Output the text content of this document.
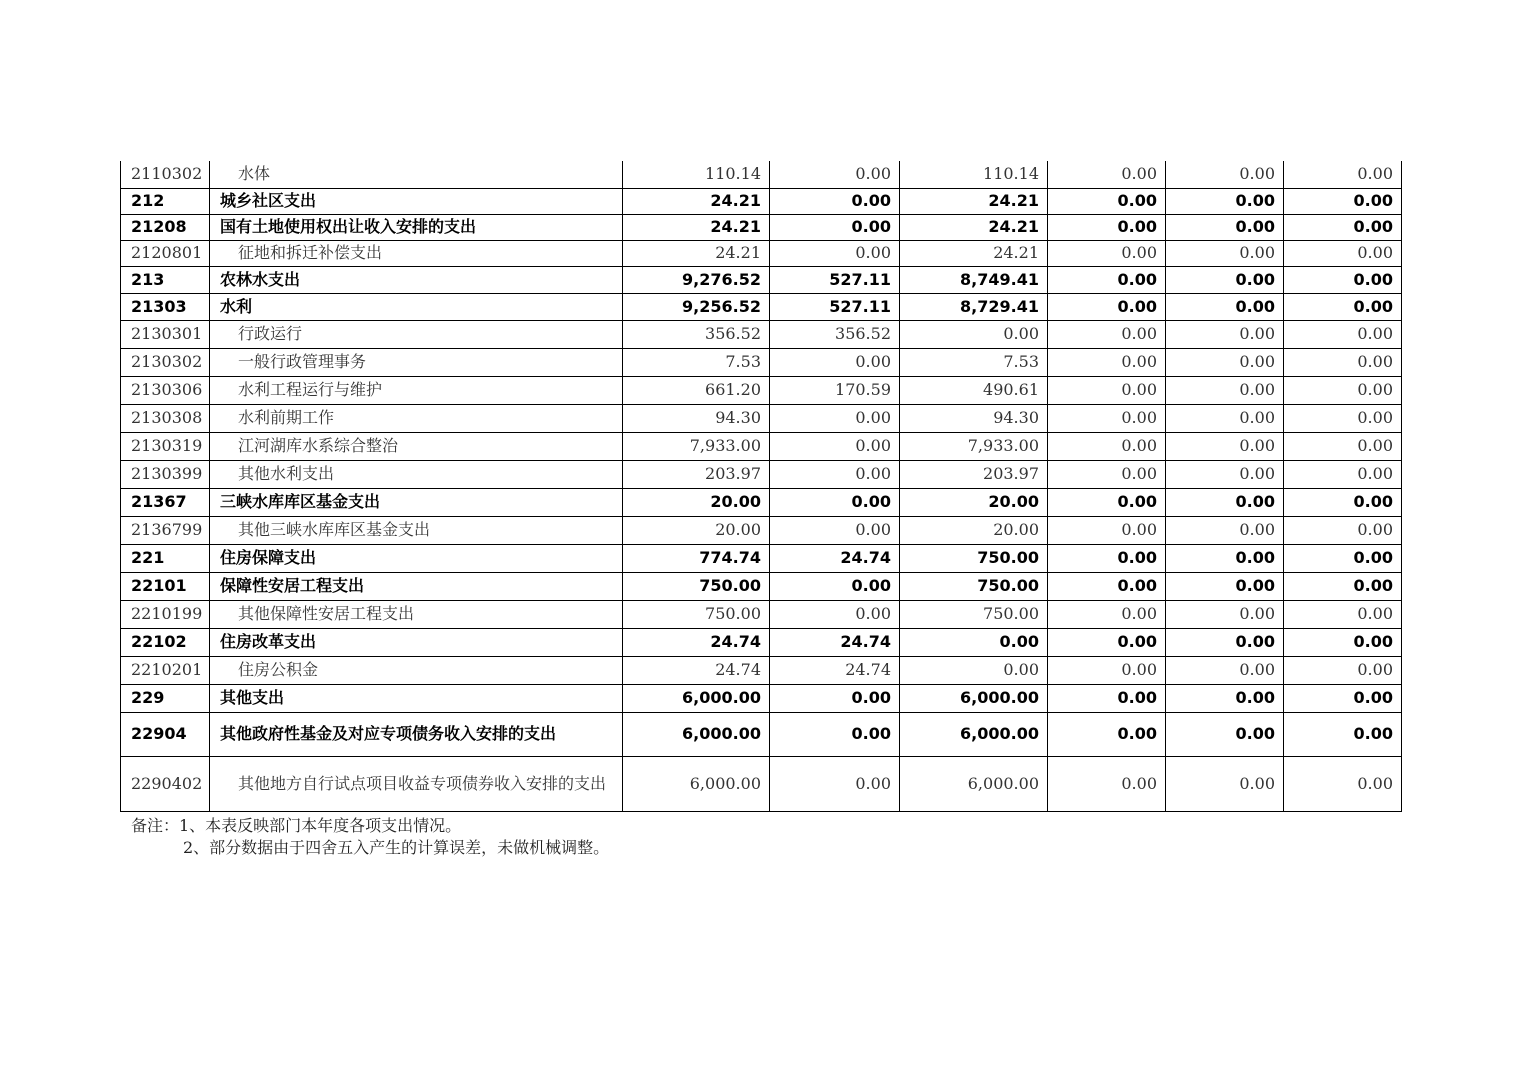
2110302	水体	110.14	0.00	110.14	0.00	0.00	0.00
212	城乡社区支出	24.21	0.00	24.21	0.00	0.00	0.00
21208	国有土地使用权出让收入安排的支出	24.21	0.00	24.21	0.00	0.00	0.00
2120801	征地和拆迁补偿支出	24.21	0.00	24.21	0.00	0.00	0.00
213	农林水支出	9,276.52	527.11	8,749.41	0.00	0.00	0.00
21303	水利	9,256.52	527.11	8,729.41	0.00	0.00	0.00
2130301	行政运行	356.52	356.52	0.00	0.00	0.00	0.00
2130302	一般行政管理事务	7.53	0.00	7.53	0.00	0.00	0.00
2130306	水利工程运行与维护	661.20	170.59	490.61	0.00	0.00	0.00
2130308	水利前期工作	94.30	0.00	94.30	0.00	0.00	0.00
2130319	江河湖库水系综合整治	7,933.00	0.00	7,933.00	0.00	0.00	0.00
2130399	其他水利支出	203.97	0.00	203.97	0.00	0.00	0.00
21367	三峡水库库区基金支出	20.00	0.00	20.00	0.00	0.00	0.00
2136799	其他三峡水库库区基金支出	20.00	0.00	20.00	0.00	0.00	0.00
221	住房保障支出	774.74	24.74	750.00	0.00	0.00	0.00
22101	保障性安居工程支出	750.00	0.00	750.00	0.00	0.00	0.00
2210199	其他保障性安居工程支出	750.00	0.00	750.00	0.00	0.00	0.00
22102	住房改革支出	24.74	24.74	0.00	0.00	0.00	0.00
2210201	住房公积金	24.74	24.74	0.00	0.00	0.00	0.00
229	其他支出	6,000.00	0.00	6,000.00	0.00	0.00	0.00
22904	其他政府性基金及对应专项债务收入安排的支出	6,000.00	0.00	6,000.00	0.00	0.00	0.00
2290402	其他地方自行试点项目收益专项债券收入安排的支出	6,000.00	0.00	6,000.00	0.00	0.00	0.00
备注：1、本表反映部门本年度各项支出情况。
2、部分数据由于四舍五入产生的计算误差，未做机械调整。
